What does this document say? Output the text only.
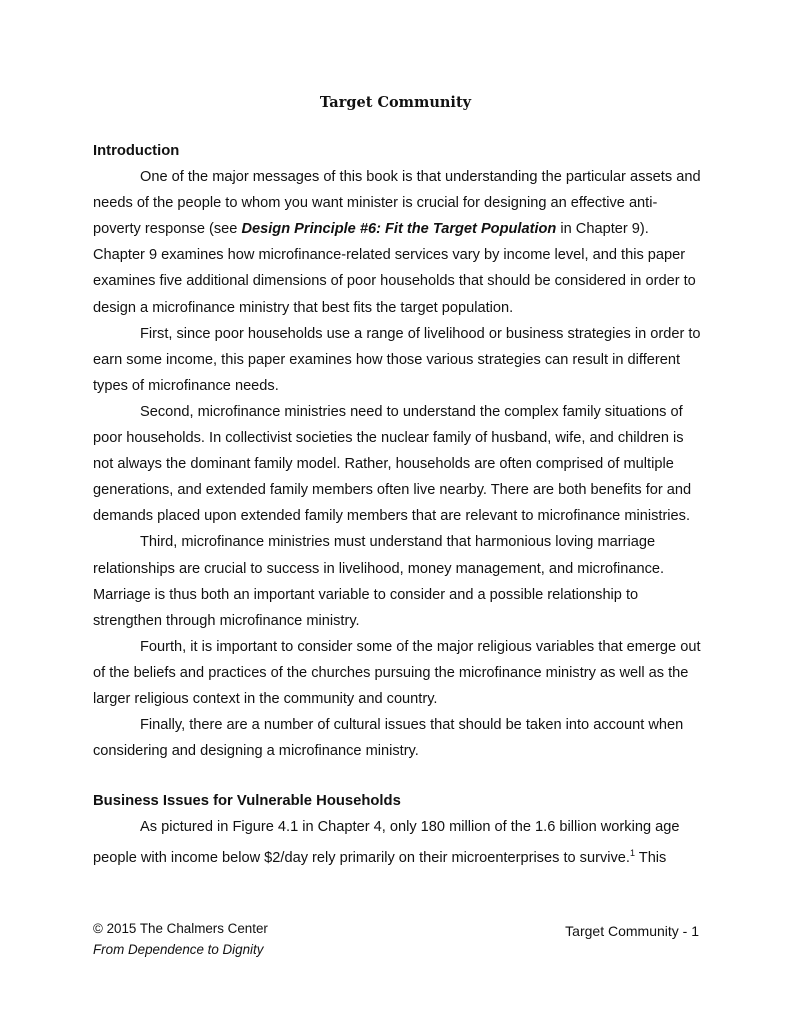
Target Community
Introduction

One of the major messages of this book is that understanding the particular assets and needs of the people to whom you want minister is crucial for designing an effective anti-poverty response (see Design Principle #6: Fit the Target Population in Chapter 9). Chapter 9 examines how microfinance-related services vary by income level, and this paper examines five additional dimensions of poor households that should be considered in order to design a microfinance ministry that best fits the target population.

First, since poor households use a range of livelihood or business strategies in order to earn some income, this paper examines how those various strategies can result in different types of microfinance needs.

Second, microfinance ministries need to understand the complex family situations of poor households. In collectivist societies the nuclear family of husband, wife, and children is not always the dominant family model. Rather, households are often comprised of multiple generations, and extended family members often live nearby. There are both benefits for and demands placed upon extended family members that are relevant to microfinance ministries.

Third, microfinance ministries must understand that harmonious loving marriage relationships are crucial to success in livelihood, money management, and microfinance. Marriage is thus both an important variable to consider and a possible relationship to strengthen through microfinance ministry.

Fourth, it is important to consider some of the major religious variables that emerge out of the beliefs and practices of the churches pursuing the microfinance ministry as well as the larger religious context in the community and country.

Finally, there are a number of cultural issues that should be taken into account when considering and designing a microfinance ministry.

Business Issues for Vulnerable Households

As pictured in Figure 4.1 in Chapter 4, only 180 million of the 1.6 billion working age people with income below $2/day rely primarily on their microenterprises to survive.$^1$ This

© 2015 The Chalmers Center
From Dependence to Dignity
Target Community - 1
